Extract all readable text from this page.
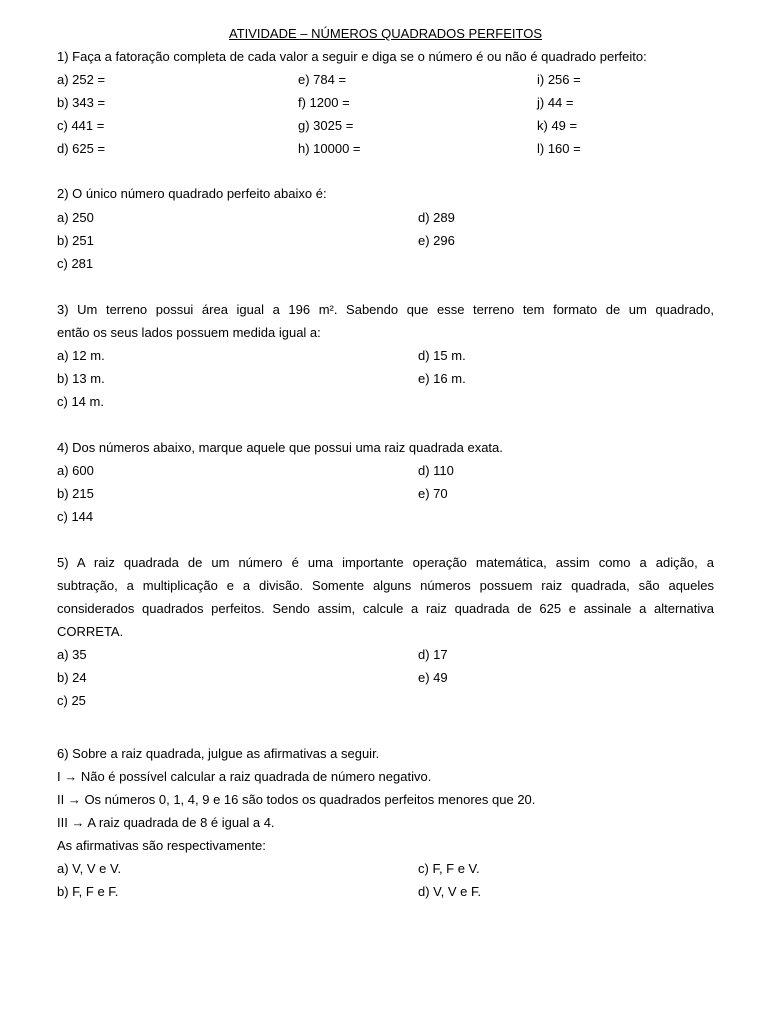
ATIVIDADE – NÚMEROS QUADRADOS PERFEITOS
1) Faça a fatoração completa de cada valor a seguir e diga se o número é ou não é quadrado perfeito:
a) 252 =
b) 343 =
c) 441 =
d) 625 =
e) 784 =
f) 1200 =
g) 3025 =
h) 10000 =
i) 256 =
j) 44 =
k) 49 =
l) 160 =
2) O único número quadrado perfeito abaixo é:
a) 250
b) 251
c) 281
d) 289
e) 296
3) Um terreno possui área igual a 196 m². Sabendo que esse terreno tem formato de um quadrado,
então os seus lados possuem medida igual a:
a) 12 m.
b) 13 m.
c) 14 m.
d) 15 m.
e) 16 m.
4) Dos números abaixo, marque aquele que possui uma raiz quadrada exata.
a) 600
b) 215
c) 144
d) 110
e) 70
5) A raiz quadrada de um número é uma importante operação matemática, assim como a adição, a
subtração, a multiplicação e a divisão. Somente alguns números possuem raiz quadrada, são aqueles
considerados quadrados perfeitos. Sendo assim, calcule a raiz quadrada de 625 e assinale a alternativa
CORRETA.
a) 35
b) 24
c) 25
d) 17
e) 49
6) Sobre a raiz quadrada, julgue as afirmativas a seguir.
I → Não é possível calcular a raiz quadrada de número negativo.
II → Os números 0, 1, 4, 9 e 16 são todos os quadrados perfeitos menores que 20.
III → A raiz quadrada de 8 é igual a 4.
As afirmativas são respectivamente:
a) V, V e V.
b) F, F e F.
c) F, F e V.
d) V, V e F.
